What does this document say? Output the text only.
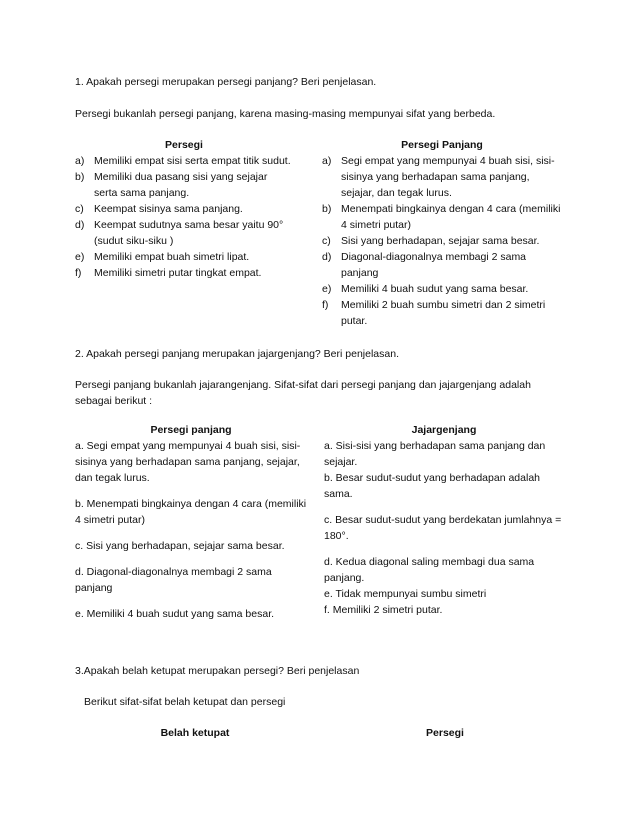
1. Apakah persegi merupakan persegi panjang? Beri penjelasan.
Persegi bukanlah persegi panjang, karena masing-masing mempunyai sifat yang berbeda.
Persegi
a) Memiliki empat sisi serta empat titik sudut.
b) Memiliki dua pasang sisi yang sejajar serta sama panjang.
c) Keempat sisinya sama panjang.
d) Keempat sudutnya sama besar yaitu 90° (sudut siku-siku )
e) Memiliki empat buah simetri lipat.
f) Memiliki simetri putar tingkat empat.
Persegi Panjang
a) Segi empat yang mempunyai 4 buah sisi, sisi-sisinya yang berhadapan sama panjang, sejajar, dan tegak lurus.
b) Menempati bingkainya dengan 4 cara (memiliki 4 simetri putar)
c) Sisi yang berhadapan, sejajar sama besar.
d) Diagonal-diagonalnya membagi 2 sama panjang
e) Memiliki 4 buah sudut yang sama besar.
f) Memiliki 2 buah sumbu simetri dan 2 simetri putar.
2. Apakah persegi panjang merupakan jajargenjang? Beri penjelasan.
Persegi panjang bukanlah jajarangenjang. Sifat-sifat dari persegi panjang dan jajargenjang adalah sebagai berikut :
Persegi panjang

a. Segi empat yang mempunyai 4 buah sisi, sisi-sisinya yang berhadapan sama panjang, sejajar, dan tegak lurus.

b. Menempati bingkainya dengan 4 cara (memiliki 4 simetri putar)

c. Sisi yang berhadapan, sejajar sama besar.

d. Diagonal-diagonalnya membagi 2 sama panjang

e. Memiliki 4 buah sudut yang sama besar.

Jajargenjang

a. Sisi-sisi yang berhadapan sama panjang dan sejajar.

b. Besar sudut-sudut yang berhadapan adalah sama.

c. Besar sudut-sudut yang berdekatan jumlahnya = 180°.

d. Kedua diagonal saling membagi dua sama panjang.

e. Tidak mempunyai sumbu simetri

f. Memiliki 2 simetri putar.

3.Apakah belah ketupat merupakan persegi? Beri penjelasan
Berikut sifat-sifat belah ketupat dan persegi
Belah ketupat	Persegi
